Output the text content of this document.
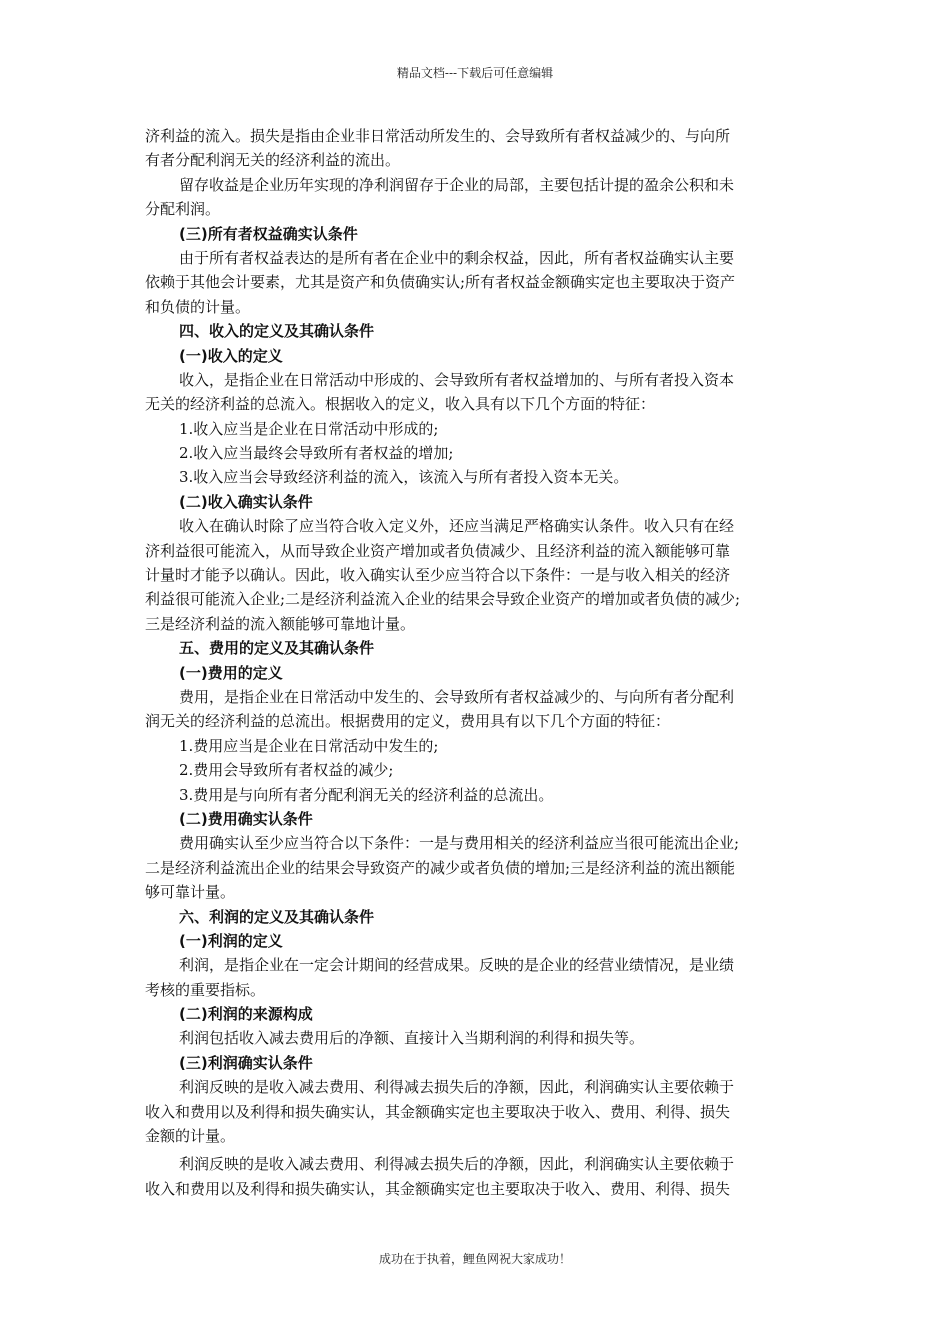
精品文档---下载后可任意编辑
济利益的流入。损失是指由企业非日常活动所发生的、会导致所有者权益减少的、与向所
有者分配利润无关的经济利益的流出。
留存收益是企业历年实现的净利润留存于企业的局部，主要包括计提的盈余公积和未
分配利润。
(三)所有者权益确实认条件
由于所有者权益表达的是所有者在企业中的剩余权益，因此，所有者权益确实认主要
依赖于其他会计要素，尤其是资产和负债确实认;所有者权益金额确实定也主要取决于资产
和负债的计量。
四、收入的定义及其确认条件
(一)收入的定义
收入，是指企业在日常活动中形成的、会导致所有者权益增加的、与所有者投入资本
无关的经济利益的总流入。根据收入的定义，收入具有以下几个方面的特征：
1.收入应当是企业在日常活动中形成的;
2.收入应当最终会导致所有者权益的增加;
3.收入应当会导致经济利益的流入，该流入与所有者投入资本无关。
(二)收入确实认条件
收入在确认时除了应当符合收入定义外，还应当满足严格确实认条件。收入只有在经
济利益很可能流入，从而导致企业资产增加或者负债减少、且经济利益的流入额能够可靠
计量时才能予以确认。因此，收入确实认至少应当符合以下条件：一是与收入相关的经济
利益很可能流入企业;二是经济利益流入企业的结果会导致企业资产的增加或者负债的减少;
三是经济利益的流入额能够可靠地计量。
五、费用的定义及其确认条件
(一)费用的定义
费用，是指企业在日常活动中发生的、会导致所有者权益减少的、与向所有者分配利
润无关的经济利益的总流出。根据费用的定义，费用具有以下几个方面的特征：
1.费用应当是企业在日常活动中发生的;
2.费用会导致所有者权益的减少;
3.费用是与向所有者分配利润无关的经济利益的总流出。
(二)费用确实认条件
费用确实认至少应当符合以下条件：一是与费用相关的经济利益应当很可能流出企业;
二是经济利益流出企业的结果会导致资产的减少或者负债的增加;三是经济利益的流出额能
够可靠计量。
六、利润的定义及其确认条件
(一)利润的定义
利润，是指企业在一定会计期间的经营成果。反映的是企业的经营业绩情况，是业绩
考核的重要指标。
(二)利润的来源构成
利润包括收入减去费用后的净额、直接计入当期利润的利得和损失等。
(三)利润确实认条件
利润反映的是收入减去费用、利得减去损失后的净额，因此，利润确实认主要依赖于
收入和费用以及利得和损失确实认，其金额确实定也主要取决于收入、费用、利得、损失
金额的计量。
利润反映的是收入减去费用、利得减去损失后的净额，因此，利润确实认主要依赖于
收入和费用以及利得和损失确实认，其金额确实定也主要取决于收入、费用、利得、损失
成功在于执着，鲤鱼网祝大家成功！
